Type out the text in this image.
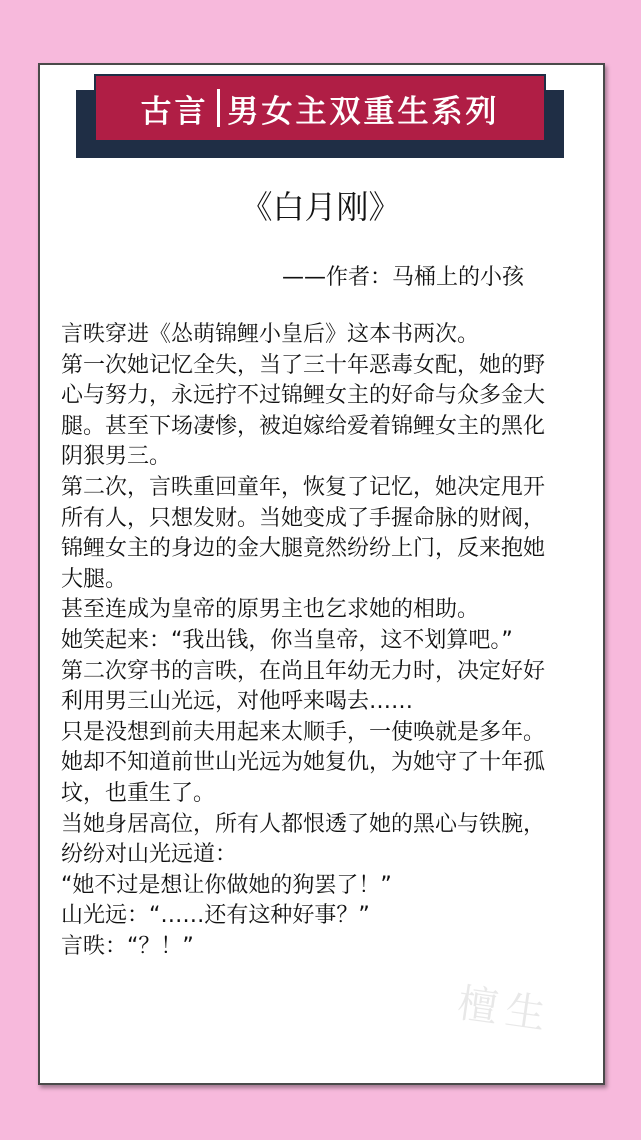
古言 男女主双重生系列
《白月刚》
——作者：马桶上的小孩
言昳穿进《怂萌锦鲤小皇后》这本书两次。
第一次她记忆全失，当了三十年恶毒女配，她的野
心与努力，永远拧不过锦鲤女主的好命与众多金大
腿。甚至下场凄惨，被迫嫁给爱着锦鲤女主的黑化
阴狠男三。
第二次，言昳重回童年，恢复了记忆，她决定甩开
所有人，只想发财。当她变成了手握命脉的财阀，
锦鲤女主的身边的金大腿竟然纷纷上门，反来抱她
大腿。
甚至连成为皇帝的原男主也乞求她的相助。
她笑起来：“我出钱，你当皇帝，这不划算吧。”
第二次穿书的言昳，在尚且年幼无力时，决定好好
利用男三山光远，对他呼来喝去……
只是没想到前夫用起来太顺手，一使唤就是多年。
她却不知道前世山光远为她复仇，为她守了十年孤
坟，也重生了。
当她身居高位，所有人都恨透了她的黑心与铁腕，
纷纷对山光远道：
“她不过是想让你做她的狗罢了！”
山光远：“……还有这种好事？”
言昳：“？！”
檀生
